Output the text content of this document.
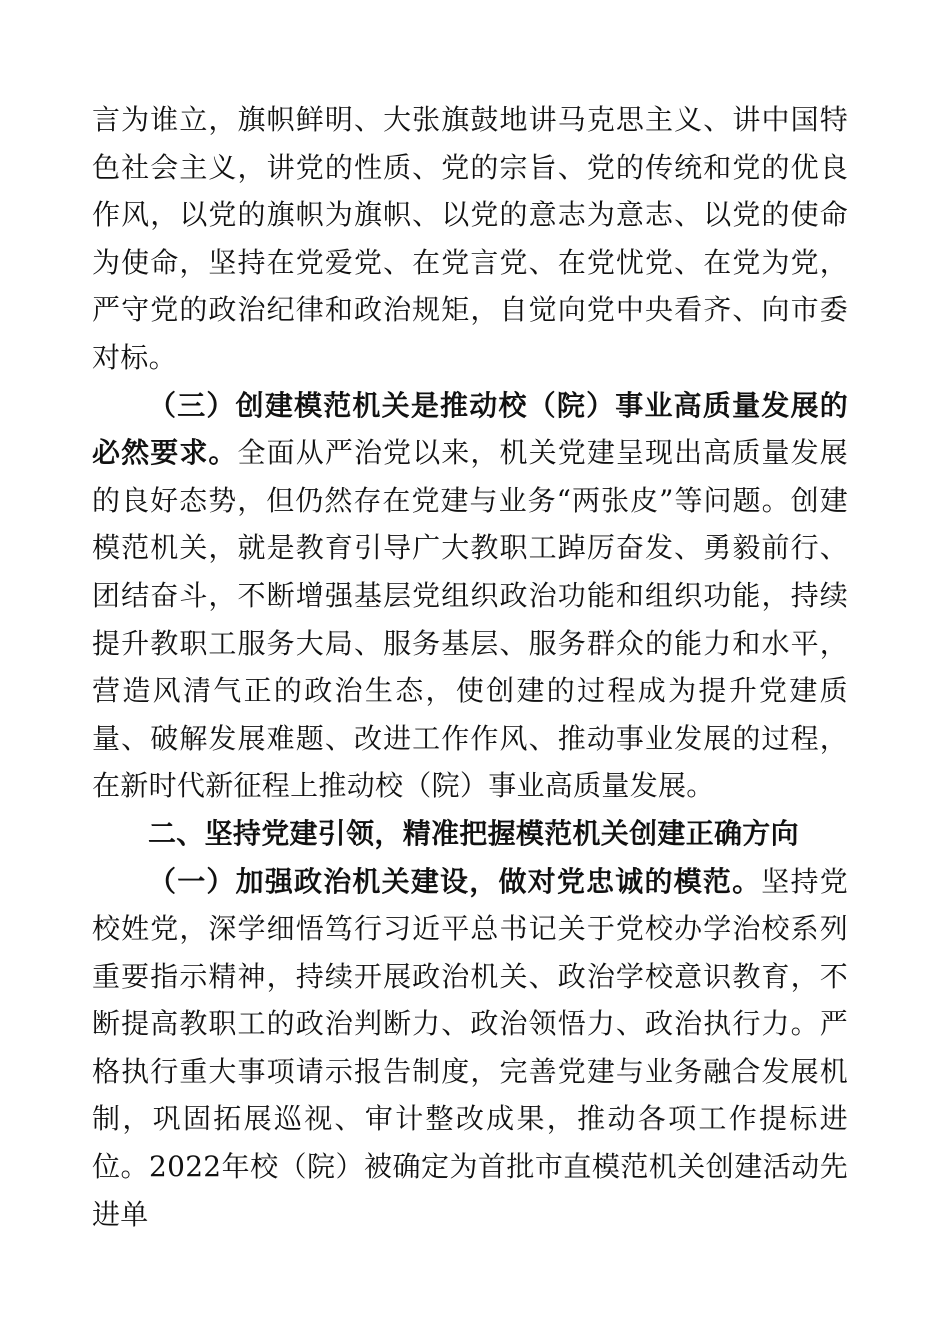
言为谁立，旗帜鲜明、大张旗鼓地讲马克思主义、讲中国特色社会主义，讲党的性质、党的宗旨、党的传统和党的优良作风，以党的旗帜为旗帜、以党的意志为意志、以党的使命为使命，坚持在党爱党、在党言党、在党忧党、在党为党，严守党的政治纪律和政治规矩，自觉向党中央看齐、向市委对标。

（三）创建模范机关是推动校（院）事业高质量发展的必然要求。全面从严治党以来，机关党建呈现出高质量发展的良好态势，但仍然存在党建与业务“两张皮”等问题。创建模范机关，就是教育引导广大教职工踔厉奋发、勇毅前行、团结奋斗，不断增强基层党组织政治功能和组织功能，持续提升教职工服务大局、服务基层、服务群众的能力和水平，营造风清气正的政治生态，使创建的过程成为提升党建质量、破解发展难题、改进工作作风、推动事业发展的过程，在新时代新征程上推动校（院）事业高质量发展。

二、坚持党建引领，精准把握模范机关创建正确方向

（一）加强政治机关建设，做对党忠诚的模范。坚持党校姓党，深学细悟笃行习近平总书记关于党校办学治校系列重要指示精神，持续开展政治机关、政治学校意识教育，不断提高教职工的政治判断力、政治领悟力、政治执行力。严格执行重大事项请示报告制度，完善党建与业务融合发展机制，巩固拓展巡视、审计整改成果，推动各项工作提标进位。2022年校（院）被确定为首批市直模范机关创建活动先进单
